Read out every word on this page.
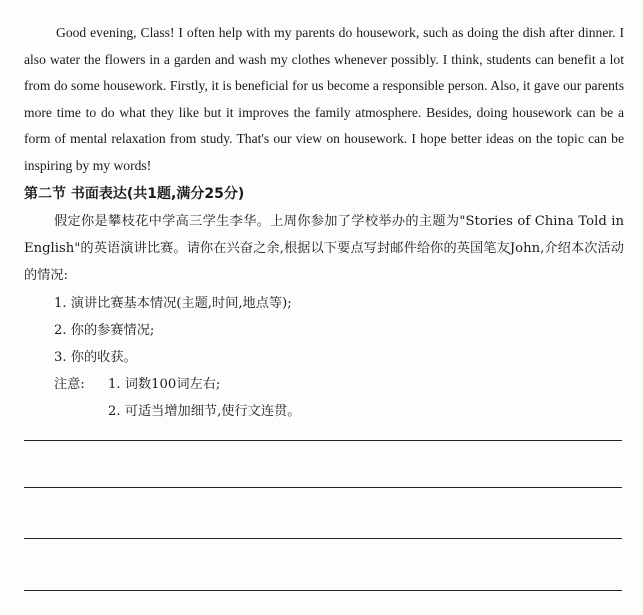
Good evening, Class! I often help with my parents do housework, such as doing the dish after dinner. I also water the flowers in a garden and wash my clothes whenever possibly. I think, students can benefit a lot from do some housework. Firstly, it is beneficial for us become a responsible person. Also, it gave our parents more time to do what they like but it improves the family atmosphere. Besides, doing housework can be a form of mental relaxation from study. That's our view on housework. I hope better ideas on the topic can be inspiring by my words!

第二节 书面表达(共1题,满分25分)

假定你是攀枝花中学高三学生李华。上周你参加了学校举办的主题为"Stories of China Told in English"的英语演讲比赛。请你在兴奋之余,根据以下要点写封邮件给你的英国笔友John,介绍本次活动的情况:

1. 演讲比赛基本情况(主题,时间,地点等);
2. 你的参赛情况;
3. 你的收获。
注意:	1. 词数100词左右;
2. 可适当增加细节,使行文连贯。
